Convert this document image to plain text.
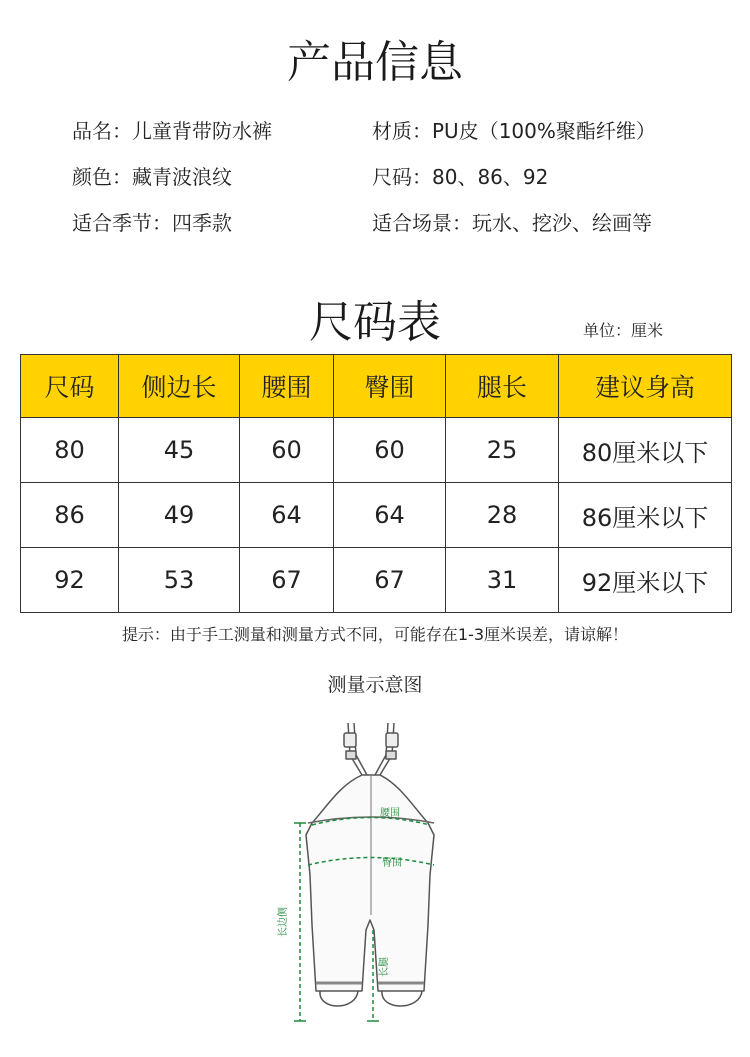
产品信息
品名：儿童背带防水裤	材质：PU皮（100%聚酯纤维）
颜色：藏青波浪纹	尺码：80、86、92
适合季节：四季款	适合场景：玩水、挖沙、绘画等
尺码表	单位：厘米
尺码	侧边长	腰围	臀围	腿长	建议身高
80	45	60	60	25	80厘米以下
86	49	64	64	28	86厘米以下
92	53	67	67	31	92厘米以下
提示：由于手工测量和测量方式不同，可能存在1-3厘米误差，请谅解！
测量示意图
腰围
臀围
长边侧
长腿
